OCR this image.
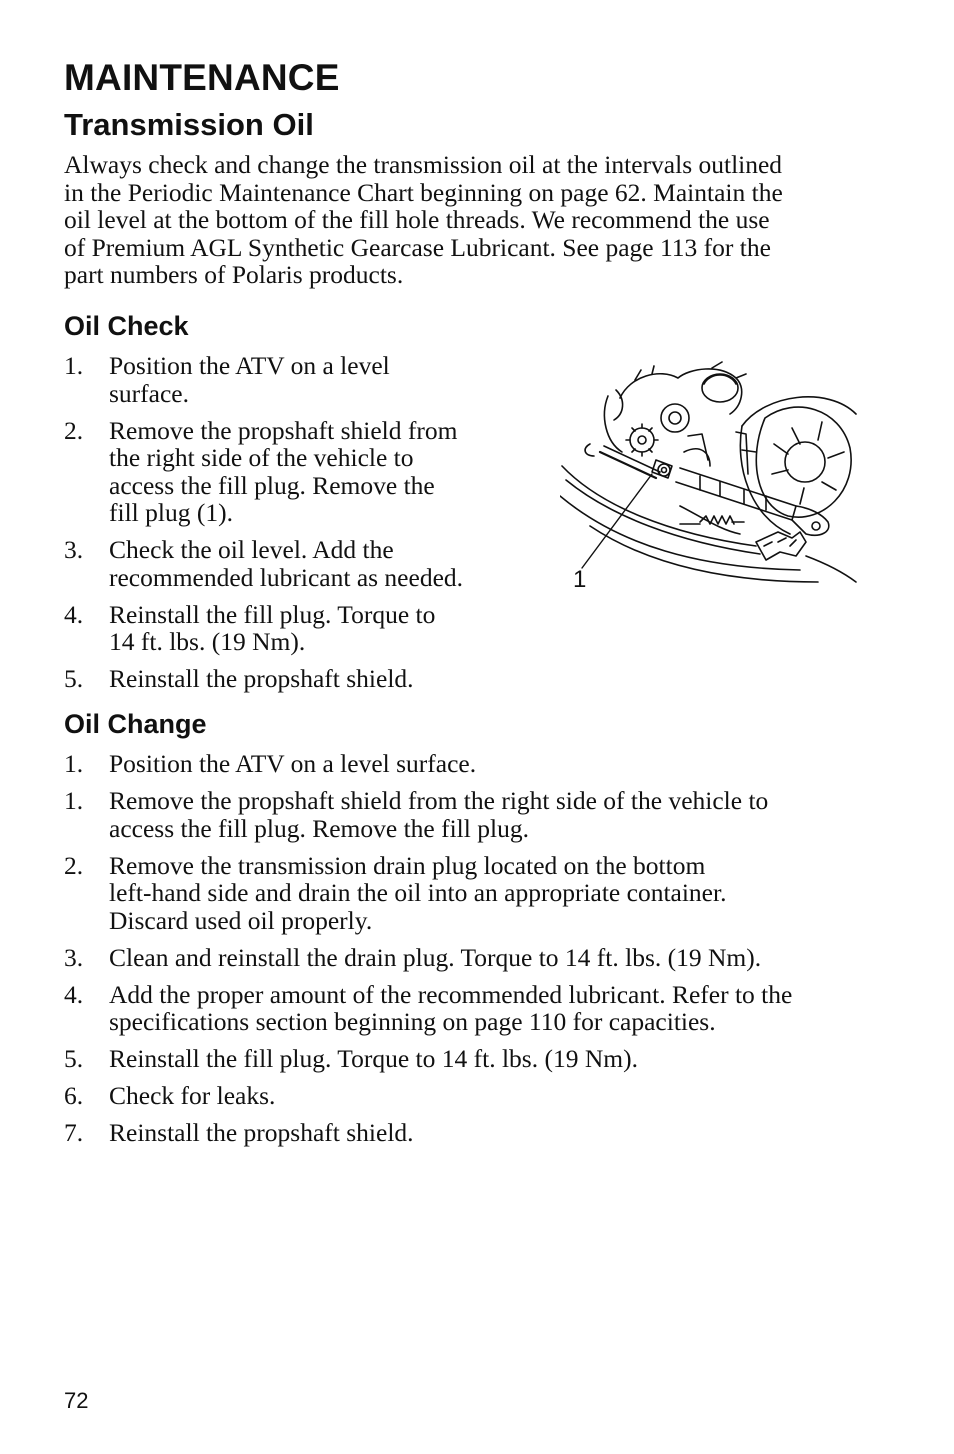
MAINTENANCE
Transmission Oil

Always check and change the transmission oil at the intervals outlined
in the Periodic Maintenance Chart beginning on page 62. Maintain the
oil level at the bottom of the fill hole threads. We recommend the use
of Premium AGL Synthetic Gearcase Lubricant. See page 113 for the
part numbers of Polaris products.

Oil Check
1. Position the ATV on a level
surface.
2. Remove the propshaft shield from
the right side of the vehicle to
access the fill plug. Remove the
fill plug (1).
3. Check the oil level. Add the
recommended lubricant as needed.
4. Reinstall the fill plug. Torque to
14 ft. lbs. (19 Nm).
5. Reinstall the propshaft shield.
1
Oil Change
1. Position the ATV on a level surface.
1. Remove the propshaft shield from the right side of the vehicle to
access the fill plug. Remove the fill plug.
2. Remove the transmission drain plug located on the bottom
left-hand side and drain the oil into an appropriate container.
Discard used oil properly.
3. Clean and reinstall the drain plug. Torque to 14 ft. lbs. (19 Nm).
4. Add the proper amount of the recommended lubricant. Refer to the
specifications section beginning on page 110 for capacities.
5. Reinstall the fill plug. Torque to 14 ft. lbs. (19 Nm).
6. Check for leaks.
7. Reinstall the propshaft shield.
72
